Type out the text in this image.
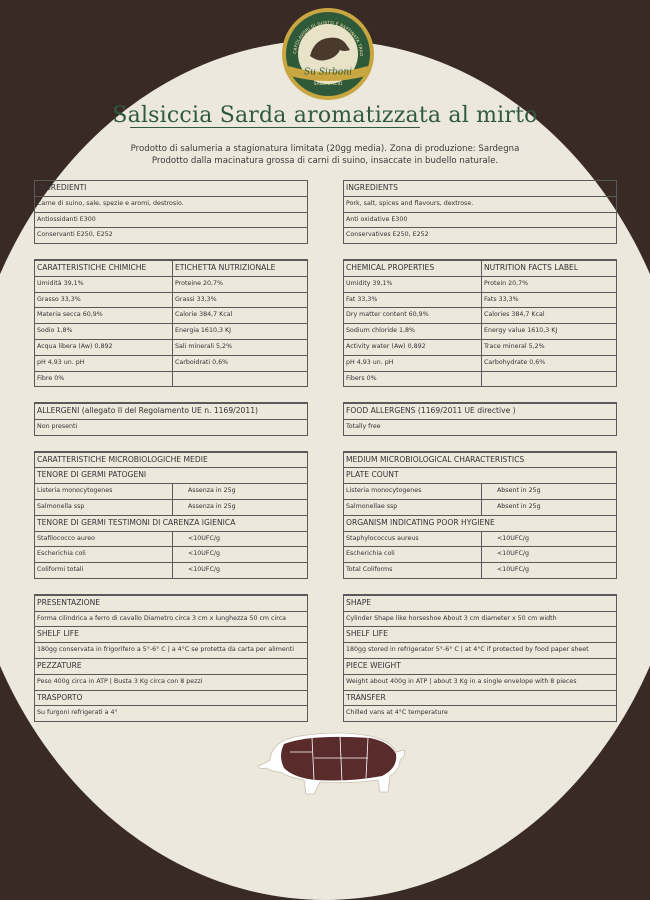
CAPOLAVORI DI GUSTO E RAFFINATA TRAD
Su Sirboni
SALUMIFICIO
Salsiccia Sarda aromatizzata al mirto
Prodotto di salumeria a stagionatura limitata (20gg media). Zona di produzione: Sardegna
Prodotto dalla macinatura grossa di carni di suino, insaccate in budello naturale.
INGREDIENTI
Carne di suino, sale, spezie e aromi, destrosio.
Antiossidanti E300
Conservanti E250, E252
CARATTERISTICHE CHIMICHE	ETICHETTA NUTRIZIONALE
Umidità 39,1%	Proteine 20,7%
Grasso 33,3%	Grassi 33,3%
Materia secca 60,9%	Calorie 384,7 Kcal
Sodio 1,8%	Energia 1610,3 KJ
Acqua libera (Aw) 0,892	Sali minerali 5,2%
pH 4,93 un. pH	Carboidrati 0,6%
Fibre 0%
ALLERGENI (allegato II del Regolamento UE n. 1169/2011)
Non presenti
CARATTERISTICHE MICROBIOLOGICHE MEDIE
TENORE DI GERMI PATOGENI
Listeria monocytogenes	Assenza in 25g
Salmonella ssp	Assenza in 25g
TENORE DI GERMI TESTIMONI DI CARENZA IGIENICA
Stafilococco aureo	<10UFC/g
Escherichia coli	<10UFC/g
Coliformi totali	<10UFC/g
PRESENTAZIONE
Forma cilindrica a ferro di cavallo Diametro circa 3 cm x lunghezza 50 cm circa
SHELF LIFE
180gg conservata in frigorifero a 5°-6° C | a 4°C se protetta da carta per alimenti
PEZZATURE
Peso 400g circa in ATP | Busta 3 Kg circa con 8 pezzi
TRASPORTO
Su furgoni refrigerati a 4°
INGREDIENTS
Pork, salt, spices and flavours, dextrose.
Anti oxidative E300
Conservatives E250, E252
CHEMICAL PROPERTIES	NUTRITION FACTS LABEL
Umidity 39,1%	Protein 20,7%
Fat 33,3%	Fats 33,3%
Dry matter content 60,9%	Calories 384,7 Kcal
Sodium chloride 1,8%	Energy value 1610,3 KJ
Activity water (Aw) 0,892	Trace mineral 5,2%
pH 4,93 un. pH	Carbohydrate 0,6%
Fibers 0%
FOOD ALLERGENS (1169/2011 UE directive )
Totally free
MEDIUM MICROBIOLOGICAL CHARACTERISTICS
PLATE COUNT
Listeria monocytogenes	Absent in 25g
Salmonellae ssp	Absent in 25g
ORGANISM INDICATING POOR HYGIENE
Staphylococcus aureus	<10UFC/g
Escherichia coli	<10UFC/g
Total Coliforms	<10UFC/g
SHAPE
Cylinder Shape like horseshoe About 3 cm diameter x 50 cm width
SHELF LIFE
180gg stored in refrigerator 5°-6° C | at 4°C if protected by food paper sheet
PIECE WEIGHT
Weight about 400g in ATP | about 3 Kg in a single envelope with 8 pieces
TRANSFER
Chilled vans at 4°C temperature
